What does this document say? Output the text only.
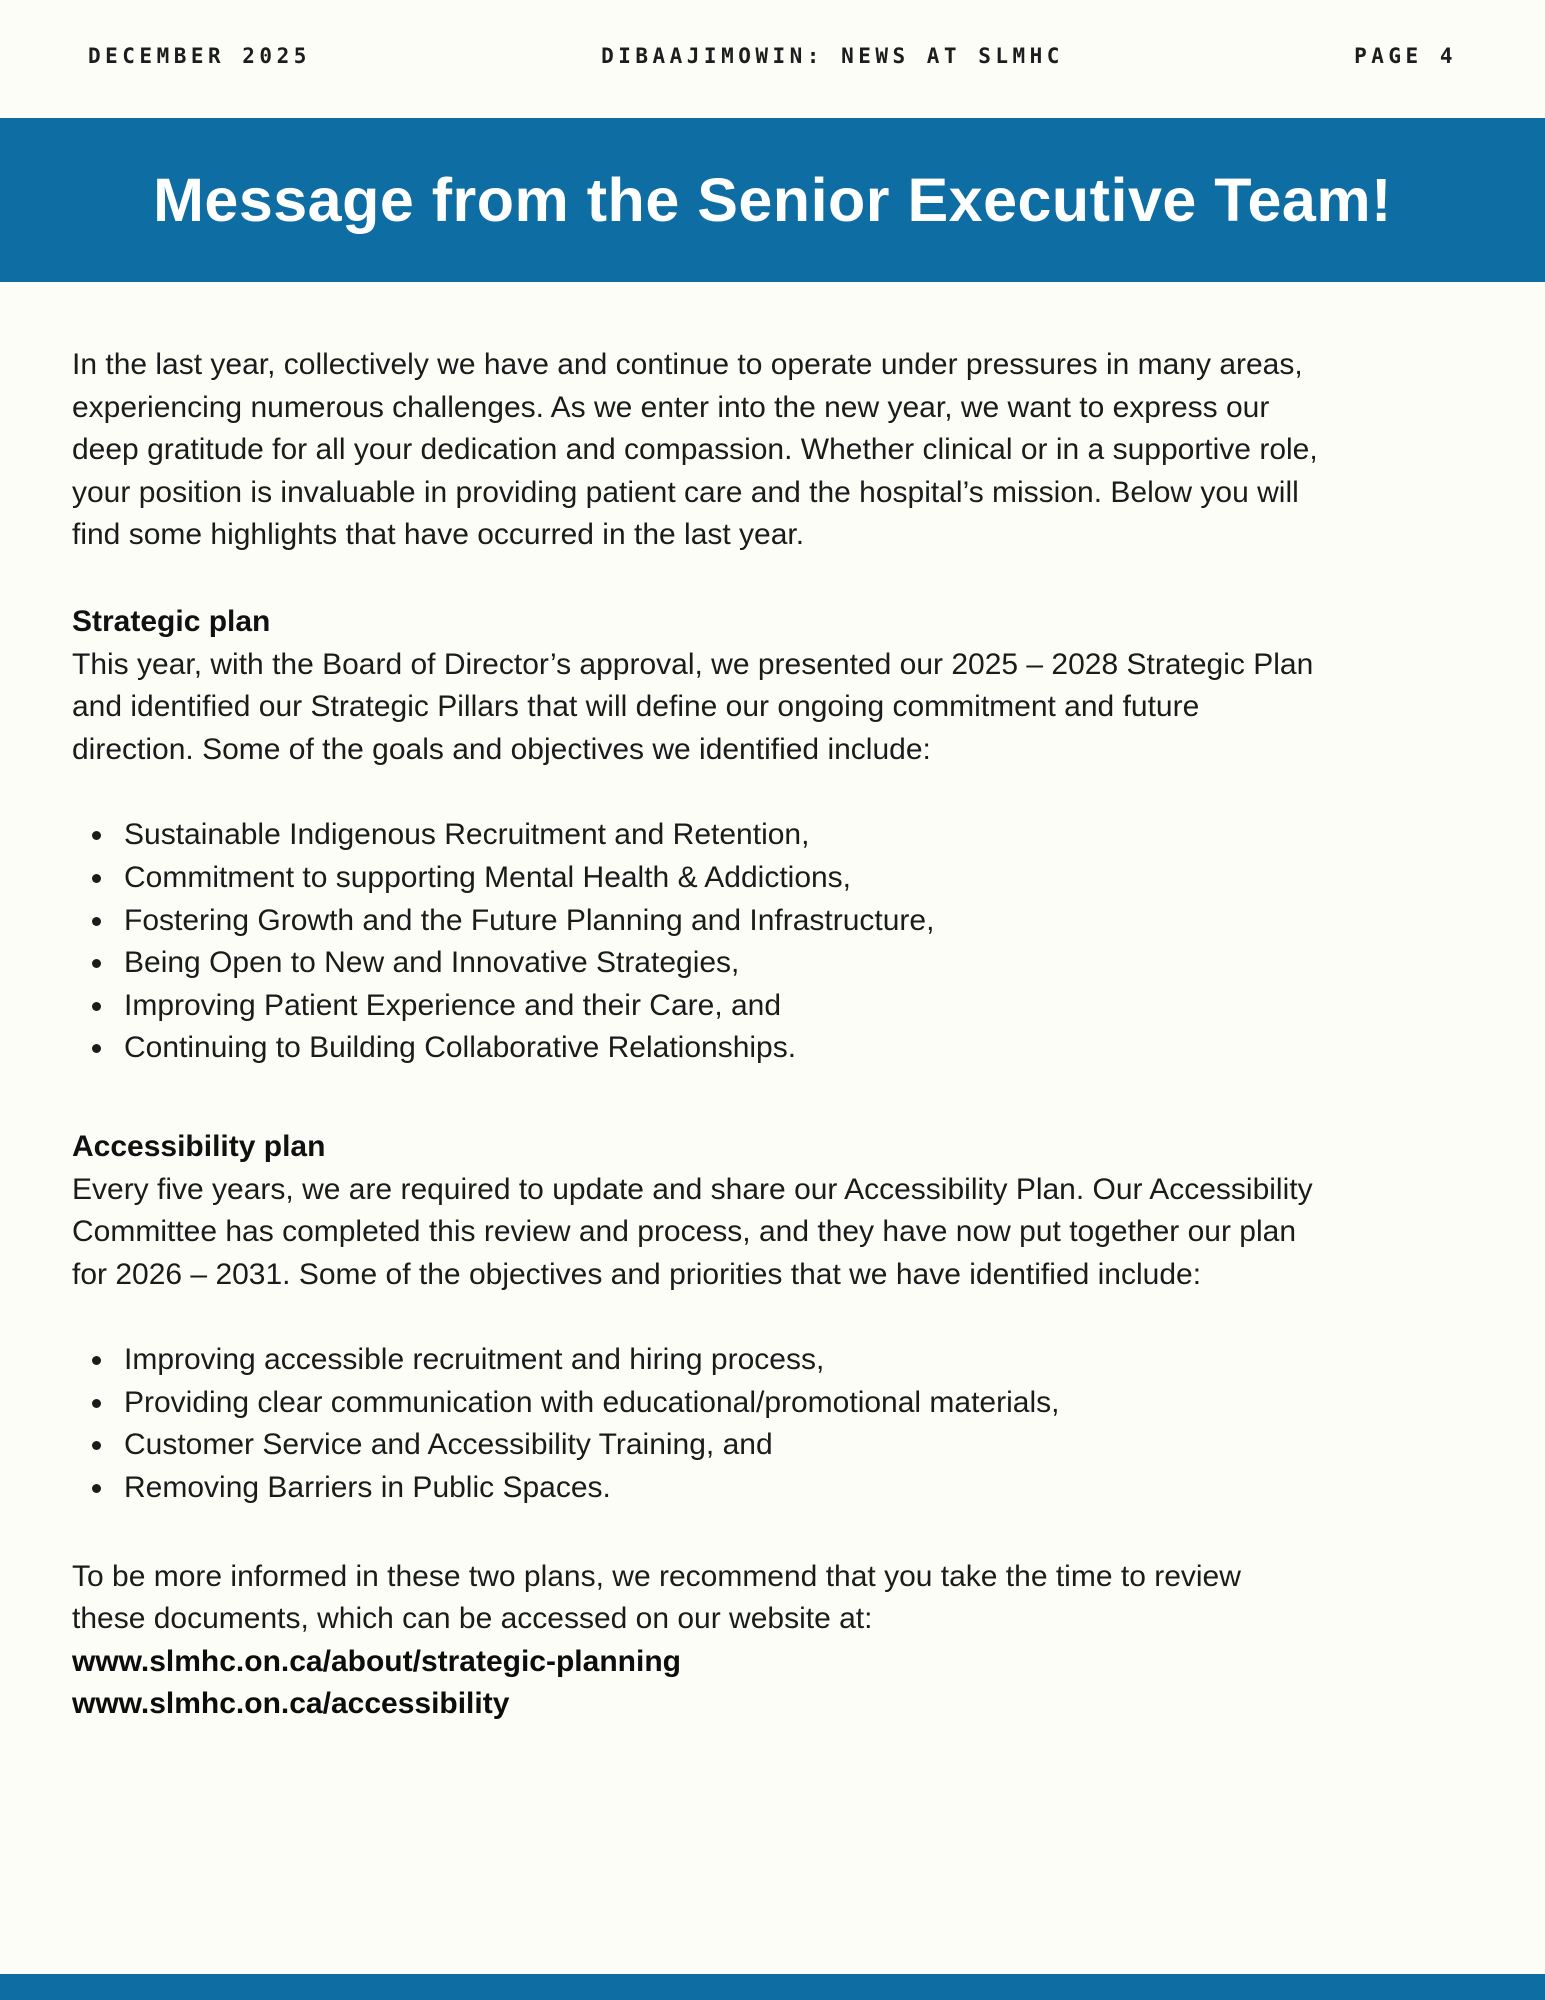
DECEMBER 2025	DIBAAJIMOWIN: NEWS AT SLMHC	PAGE 4
Message from the Senior Executive Team!

In the last year, collectively we have and continue to operate under pressures in many areas, experiencing numerous challenges. As we enter into the new year, we want to express our deep gratitude for all your dedication and compassion. Whether clinical or in a supportive role, your position is invaluable in providing patient care and the hospital’s mission. Below you will find some highlights that have occurred in the last year.

Strategic plan

This year, with the Board of Director’s approval, we presented our 2025 – 2028 Strategic Plan and identified our Strategic Pillars that will define our ongoing commitment and future direction. Some of the goals and objectives we identified include:

• Sustainable Indigenous Recruitment and Retention,
• Commitment to supporting Mental Health & Addictions,
• Fostering Growth and the Future Planning and Infrastructure,
• Being Open to New and Innovative Strategies,
• Improving Patient Experience and their Care, and
• Continuing to Building Collaborative Relationships.
Accessibility plan

Every five years, we are required to update and share our Accessibility Plan. Our Accessibility Committee has completed this review and process, and they have now put together our plan for 2026 – 2031. Some of the objectives and priorities that we have identified include:

• Improving accessible recruitment and hiring process,
• Providing clear communication with educational/promotional materials,
• Customer Service and Accessibility Training, and
• Removing Barriers in Public Spaces.

To be more informed in these two plans, we recommend that you take the time to review these documents, which can be accessed on our website at:

www.slmhc.on.ca/about/strategic-planning

www.slmhc.on.ca/accessibility
